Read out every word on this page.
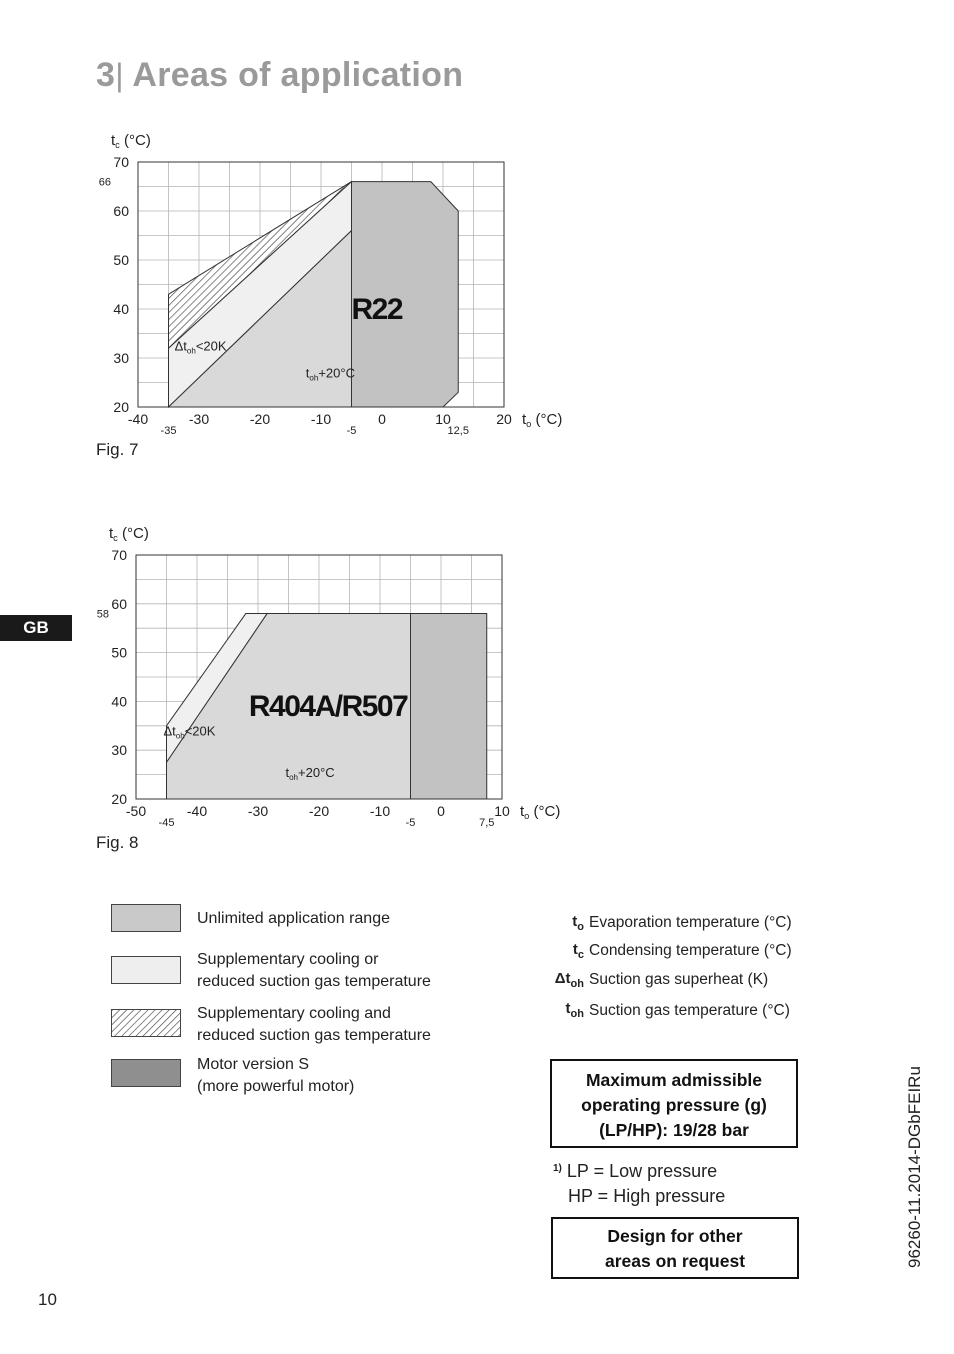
3| Areas of application
-40	-30	-20	-10	0	10	20
20
30
40
50
60
70
-35	-5	12,5
66
$t_c$ (°C)
$t_o$ (°C)
$\Delta t_{oh}<20K$
$t_{oh}+20^\circ C$
R22
-50	-40	-30	-20	-10	0	10
20
30
40
50
60
70
-45	-5	7,5
58
$t_c$ (°C)
$t_o$ (°C)
$\Delta t_{oh}<20K$
$t_{oh}+20^\circ C$
R404A/R507
Fig. 7
Fig. 8
GB
Unlimited application range
Supplementary cooling or
reduced suction gas temperature
Supplementary cooling and
reduced suction gas temperature
Motor version S
(more powerful motor)
$t_o$ Evaporation temperature (°C)
$t_c$ Condensing temperature (°C)
$\Delta t_{oh}$ Suction gas superheat (K)
$t_{oh}$ Suction gas temperature (°C)
Maximum admissible
operating pressure (g)
(LP/HP): 19/28 bar
$^{1)}$ LP = Low pressure
HP = High pressure
Design for other
areas on request	96260-11.2014-DGbFEIRu
10
